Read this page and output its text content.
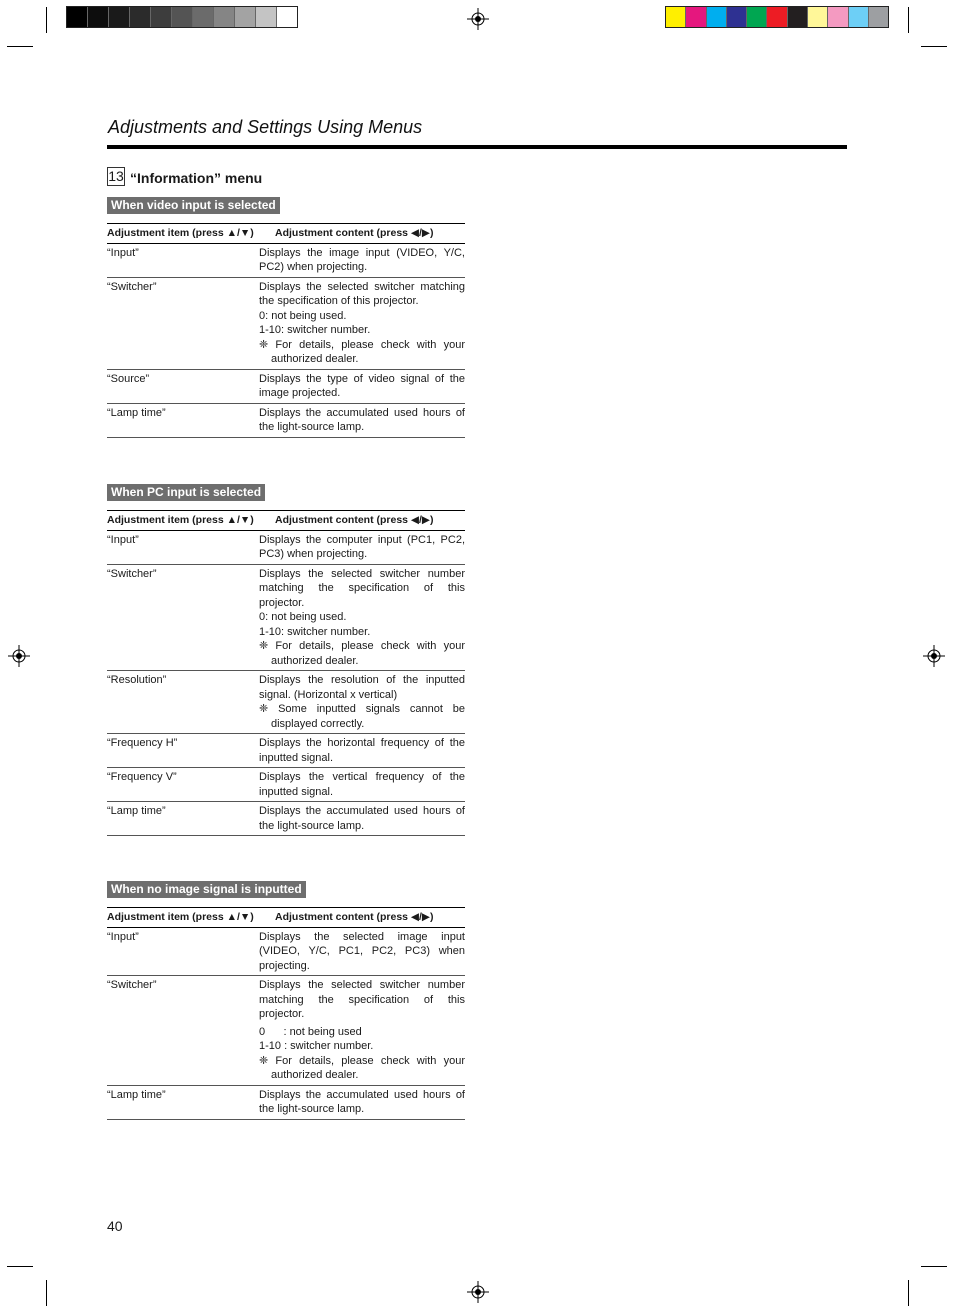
Adjustments and Settings Using Menus
13 “Information” menu
When video input is selected
Adjustment item (press ▲/▼)	Adjustment content (press ◀/▶)
“Input”	Displays the image input (VIDEO, Y/C, PC2) when projecting.

“Switcher”	Displays the selected switcher matching the specification of this projector.
0: not being used.
1-10: switcher number.
❈ For details, please check with your authorized dealer.

“Source”	Displays the type of video signal of the image projected.

“Lamp time”	Displays the accumulated used hours of the light-source lamp.
When PC input is selected
Adjustment item (press ▲/▼)	Adjustment content (press ◀/▶)
“Input”	Displays the computer input (PC1, PC2, PC3) when projecting.

“Switcher”	Displays the selected switcher number matching the specification of this projector.
0: not being used.
1-10: switcher number.
❈ For details, please check with your authorized dealer.

“Resolution”	Displays the resolution of the inputted signal. (Horizontal x vertical)
❈ Some inputted signals cannot be displayed correctly.

“Frequency H”	Displays the horizontal frequency of the inputted signal.

“Frequency V”	Displays the vertical frequency of the inputted signal.

“Lamp time”	Displays the accumulated used hours of the light-source lamp.
When no image signal is inputted
Adjustment item (press ▲/▼)	Adjustment content (press ◀/▶)
“Input”	Displays the selected image input (VIDEO, Y/C, PC1, PC2, PC3) when projecting.

“Switcher”	Displays the selected switcher number matching the specification of this projector.
0      : not being used
1-10 : switcher number.
❈ For details, please check with your authorized dealer.

“Lamp time”	Displays the accumulated used hours of the light-source lamp.
40
